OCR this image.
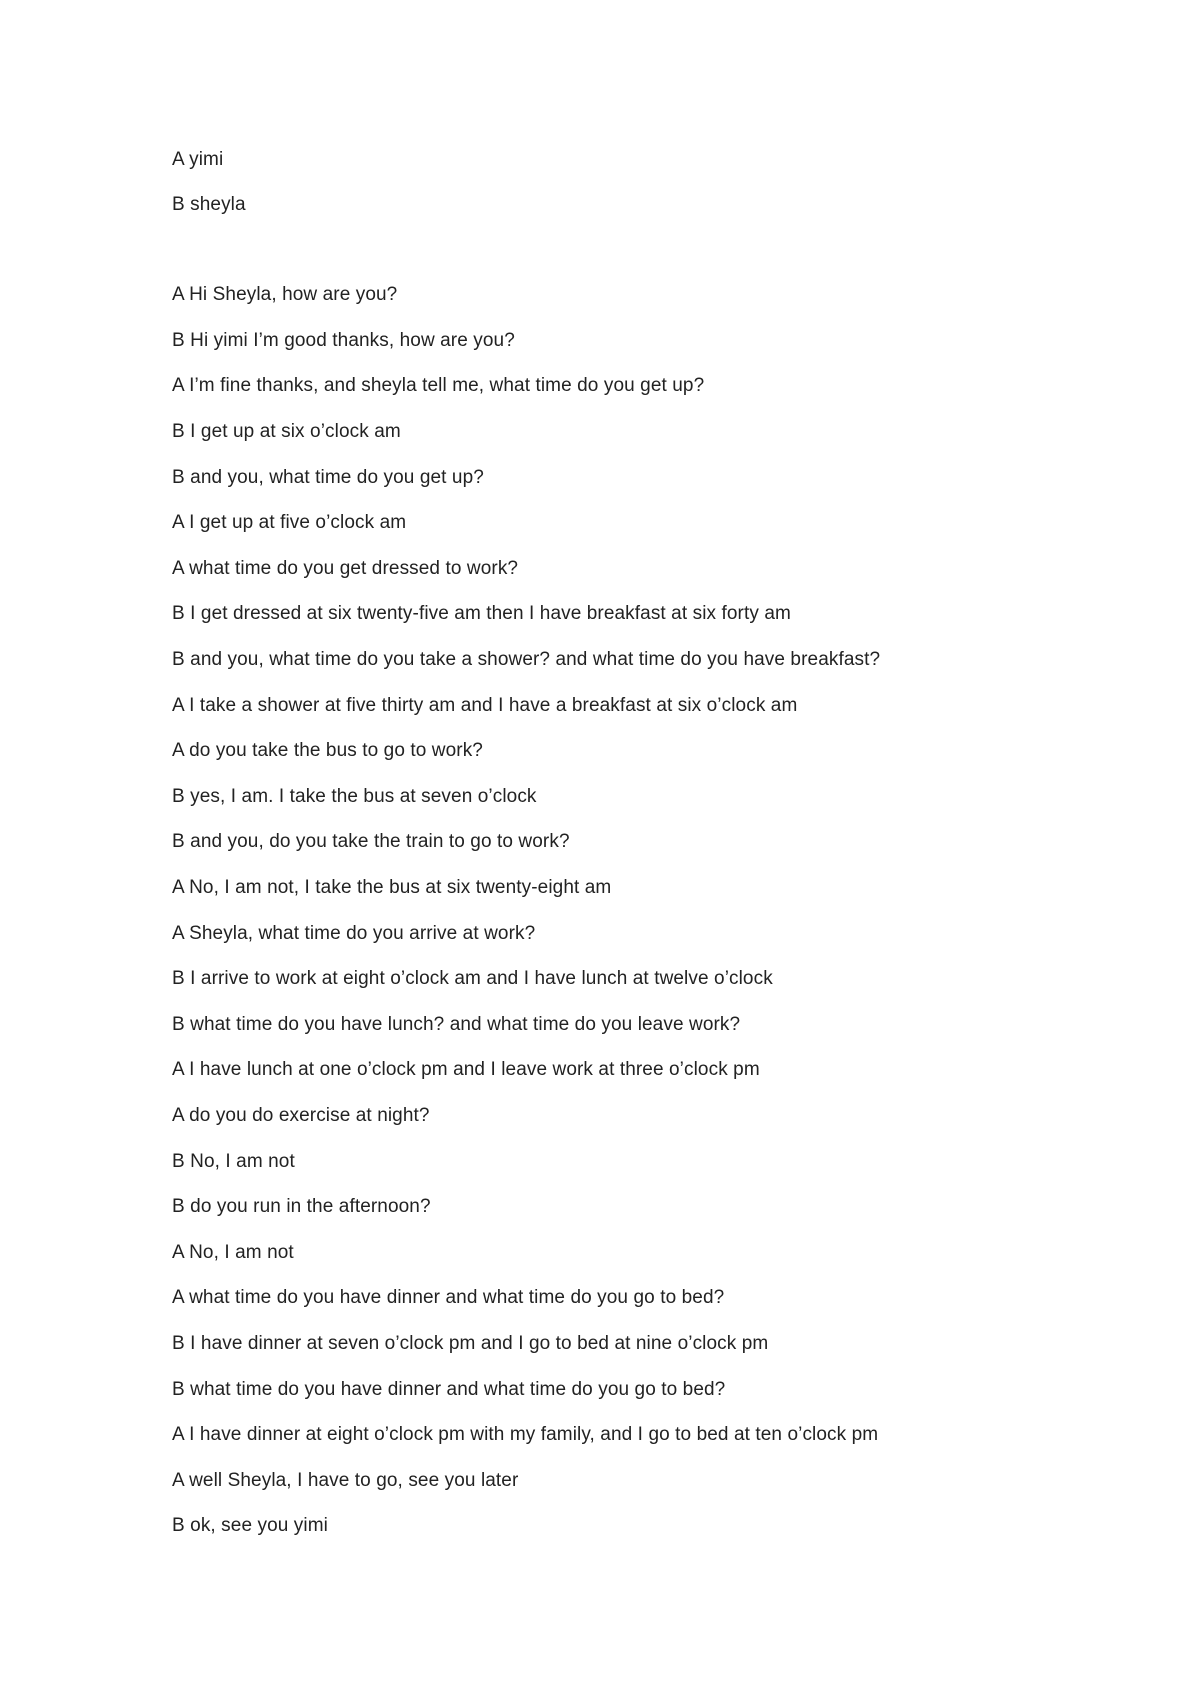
A yimi
B sheyla
A Hi Sheyla, how are you?
B Hi yimi I’m good thanks, how are you?
A I’m fine thanks, and sheyla tell me, what time do you get up?
B I get up at six o’clock am
B and you, what time do you get up?
A I get up at five o’clock am
A what time do you get dressed to work?
B I get dressed at six twenty-five am then I have breakfast at six forty am
B and you, what time do you take a shower? and what time do you have breakfast?
A I take a shower at five thirty am and I have a breakfast at six o’clock am
A do you take the bus to go to work?
B yes, I am. I take the bus at seven o’clock
B and you, do you take the train to go to work?
A No, I am not, I take the bus at six twenty-eight am
A Sheyla, what time do you arrive at work?
B I arrive to work at eight o’clock am and I have lunch at twelve o’clock
B what time do you have lunch? and what time do you leave work?
A I have lunch at one o’clock pm and I leave work at three o’clock pm
A do you do exercise at night?
B No, I am not
B do you run in the afternoon?
A No, I am not
A what time do you have dinner and what time do you go to bed?
B I have dinner at seven o’clock pm and I go to bed at nine o’clock pm
B what time do you have dinner and what time do you go to bed?
A I have dinner at eight o’clock pm with my family, and I go to bed at ten o’clock pm
A well Sheyla, I have to go, see you later
B ok, see you yimi
